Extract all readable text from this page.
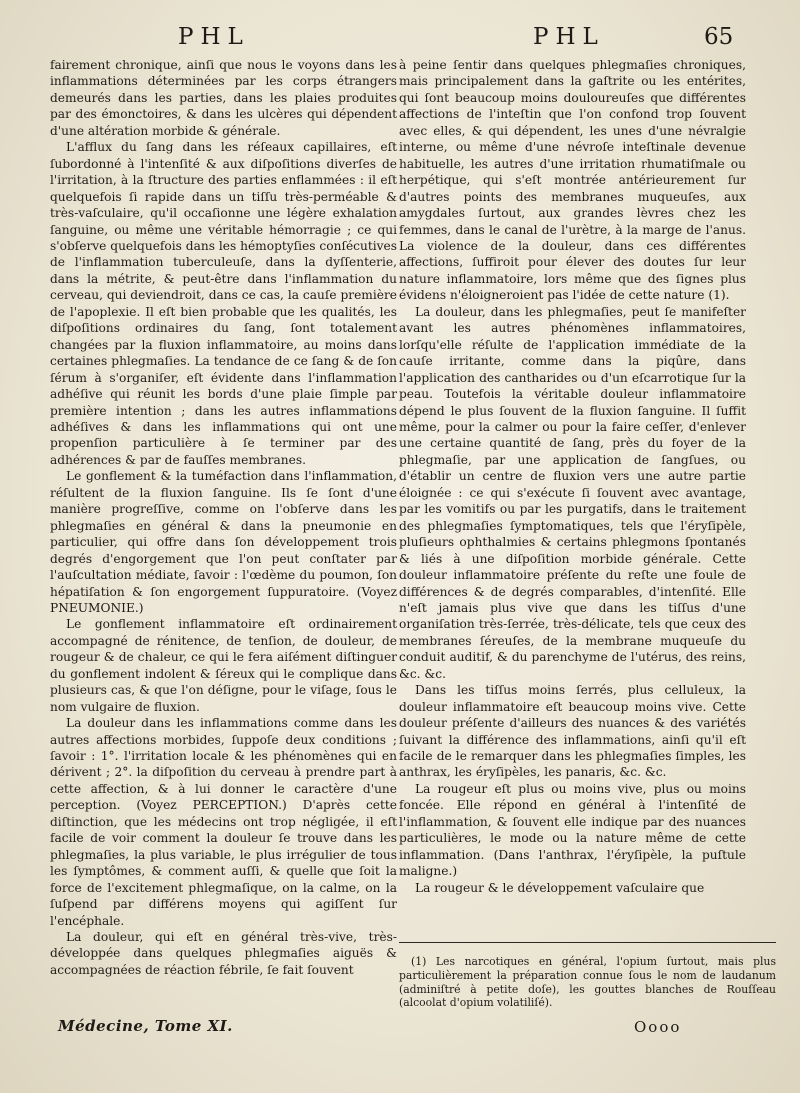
PHL	PHL	65

fairement chronique, ainſi que nous le voyons dans les inflammations déterminées par les corps étrangers demeurés dans les parties, dans les plaies produites par des émonctoires, & dans les ulcères qui dépendent d'une altération morbide & générale.

L'afflux du ſang dans les réſeaux capillaires, eſt ſubordonné à l'intenſité & aux diſpoſitions diverſes de l'irritation, à la ſtructure des parties enflammées : il eſt quelquefois ſi rapide dans un tiſſu très-perméable & très-vaſculaire, qu'il occaſionne une légère exhalation ſanguine, ou même une véritable hémorragie ; ce qui s'obſerve quelquefois dans les hémoptyſies conſécutives de l'inflammation tuberculeuſe, dans la dyſſenterie, dans la métrite, & peut-être dans l'inflammation du cerveau, qui deviendroit, dans ce cas, la cauſe première de l'apoplexie. Il eſt bien probable que les qualités, les diſpoſitions ordinaires du ſang, ſont totalement changées par la fluxion inflammatoire, au moins dans certaines phlegmaſies. La tendance de ce ſang & de ſon ſérum à s'organiſer, eſt évidente dans l'inflammation adhéſive qui réunit les bords d'une plaie ſimple par première intention ; dans les autres inflammations adhéſives & dans les inflammations qui ont une propenſion particulière à ſe terminer par des adhérences & par de fauſſes membranes.

Le gonflement & la tuméfaction dans l'inflammation, réſultent de la fluxion ſanguine. Ils ſe ſont d'une manière progreſſive, comme on l'obſerve dans les phlegmaſies en général & dans la pneumonie en particulier, qui offre dans ſon développement trois degrés d'engorgement que l'on peut conſtater par l'auſcultation médiate, ſavoir : l'œdème du poumon, ſon hépatiſation & ſon engorgement ſuppuratoire. (Voyez PNEUMONIE.)

Le gonflement inflammatoire eſt ordinairement accompagné de rénitence, de tenſion, de douleur, de rougeur & de chaleur, ce qui le fera aiſément diſtinguer du gonflement indolent & ſéreux qui le complique dans plusieurs cas, & que l'on déſigne, pour le viſage, ſous le nom vulgaire de fluxion.

La douleur dans les inflammations comme dans les autres affections morbides, ſuppoſe deux conditions ; ſavoir : 1°. l'irritation locale & les phénomènes qui en dérivent ; 2°. la diſpoſition du cerveau à prendre part à cette affection, & à lui donner le caractère d'une perception. (Voyez PERCEPTION.) D'après cette diſtinction, que les médecins ont trop négligée, il eſt facile de voir comment la douleur ſe trouve dans les phlegmaſies, la plus variable, le plus irrégulier de tous les ſymptômes, & comment auſſi, & quelle que ſoit la force de l'excitement phlegmaſique, on la calme, on la ſuſpend par différens moyens qui agiſſent ſur l'encéphale.

La douleur, qui eſt en général très-vive, très-développée dans quelques phlegmaſies aiguës & accompagnées de réaction fébrile, ſe fait ſouvent

à peine ſentir dans quelques phlegmaſies chroniques, mais principalement dans la gaſtrite ou les entérites, qui ſont beaucoup moins douloureuſes que différentes affections de l'inteſtin que l'on confond trop ſouvent avec elles, & qui dépendent, les unes d'une névralgie interne, ou même d'une névroſe inteſtinale devenue habituelle, les autres d'une irritation rhumatiſmale ou herpétique, qui s'eſt montrée antérieurement ſur d'autres points des membranes muqueuſes, aux amygdales ſurtout, aux grandes lèvres chez les femmes, dans le canal de l'urètre, à la marge de l'anus. La violence de la douleur, dans ces différentes affections, ſuffiroit pour élever des doutes ſur leur nature inflammatoire, lors même que des ſignes plus évidens n'éloigneroient pas l'idée de cette nature (1).

La douleur, dans les phlegmaſies, peut ſe manifeſter avant les autres phénomènes inflammatoires, lorſqu'elle réſulte de l'application immédiate de la cauſe irritante, comme dans la piqûre, dans l'application des cantharides ou d'un eſcarrotique ſur la peau. Toutefois la véritable douleur inflammatoire dépend le plus ſouvent de la fluxion ſanguine. Il ſuffit même, pour la calmer ou pour la faire ceſſer, d'enlever une certaine quantité de ſang, près du foyer de la phlegmaſie, par une application de ſangſues, ou d'établir un centre de fluxion vers une autre partie éloignée : ce qui s'exécute ſi ſouvent avec avantage, par les vomitifs ou par les purgatifs, dans le traitement des phlegmaſies ſymptomatiques, tels que l'éryſipèle, pluſieurs ophthalmies & certains phlegmons ſpontanés & liés à une diſpoſition morbide générale. Cette douleur inflammatoire préſente du reſte une foule de différences & de degrés comparables, d'intenſité. Elle n'eſt jamais plus vive que dans les tiſſus d'une organiſation très-ſerrée, très-délicate, tels que ceux des membranes ſéreuſes, de la membrane muqueuſe du conduit auditif, & du parenchyme de l'utérus, des reins, &c. &c.

Dans les tiſſus moins ſerrés, plus celluleux, la douleur inflammatoire eſt beaucoup moins vive. Cette douleur préſente d'ailleurs des nuances & des variétés ſuivant la différence des inflammations, ainſi qu'il eſt facile de le remarquer dans les phlegmaſies ſimples, les anthrax, les éryſipèles, les panaris, &c. &c.

La rougeur eſt plus ou moins vive, plus ou moins foncée. Elle répond en général à l'intenſité de l'inflammation, & ſouvent elle indique par des nuances particulières, le mode ou la nature même de cette inflammation. (Dans l'anthrax, l'éryſipèle, la puſtule maligne.)

La rougeur & le développement vaſculaire que

(1) Les narcotiques en général, l'opium ſurtout, mais plus particulièrement la préparation connue ſous le nom de laudanum (adminiſtré à petite doſe), les gouttes blanches de Rouſſeau (alcoolat d'opium volatiliſé).

Médecine, Tome XI.	Oooo
